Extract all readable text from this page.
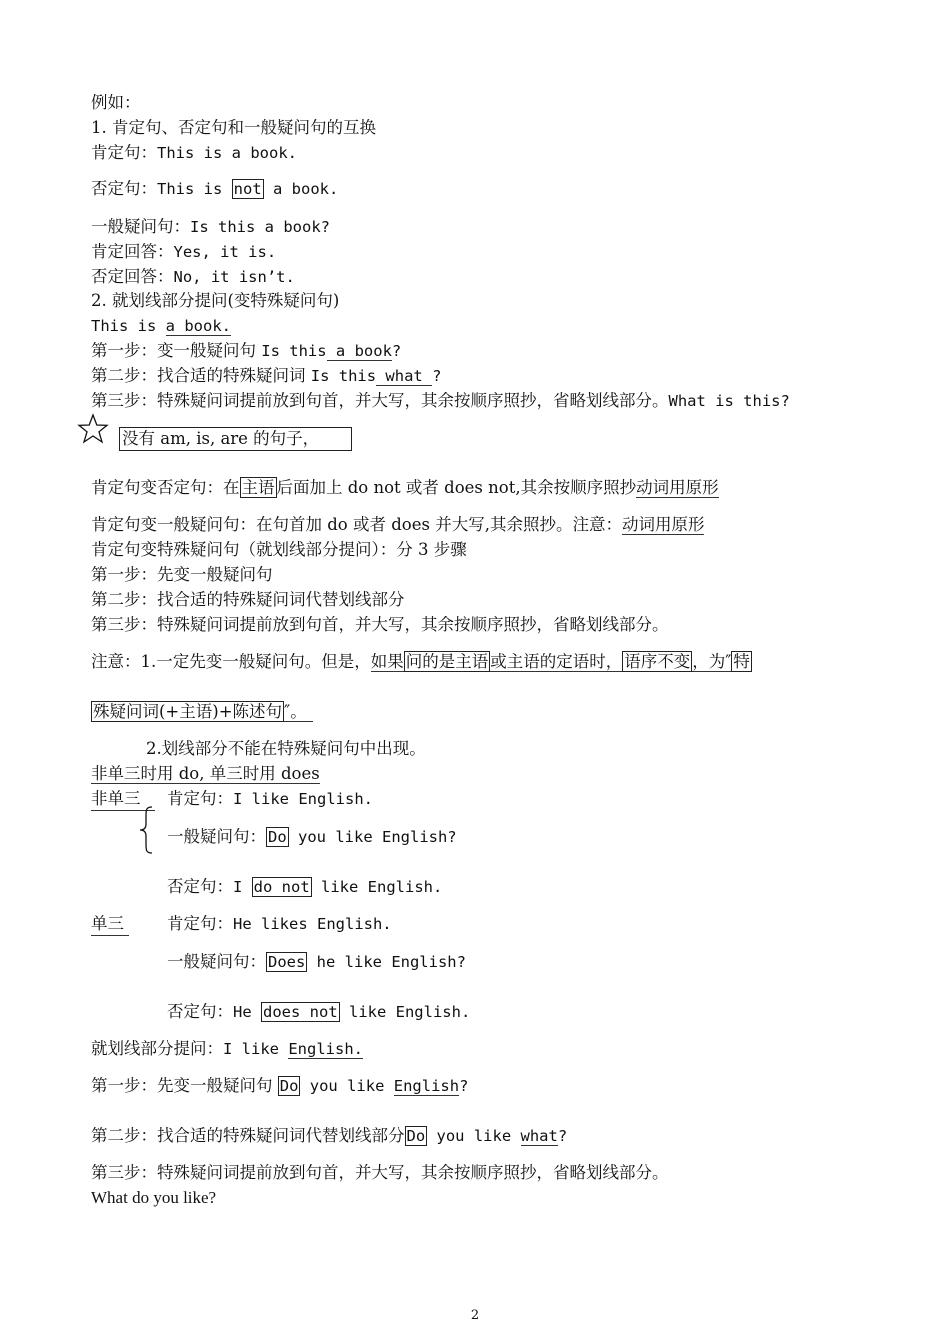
例如：
1. 肯定句、否定句和一般疑问句的互换
肯定句：This is a book.
否定句：This is not a book.
一般疑问句：Is this a book?
肯定回答：Yes, it is.
否定回答：No, it isn’t.
2. 就划线部分提问(变特殊疑问句)
This is a book.
第一步：变一般疑问句 Is this a book?
第二步：找合适的特殊疑问词 Is this what ?
第三步：特殊疑问词提前放到句首，并大写，其余按顺序照抄，省略划线部分。What is this?
没有 am, is, are 的句子，
肯定句变否定句：在 主语 后面加上 do not 或者 does not,其余按顺序照抄动词用原形
肯定句变一般疑问句：在句首加 do 或者 does 并大写,其余照抄。注意：动词用原形
肯定句变特殊疑问句（就划线部分提问）：分 3 步骤
第一步：先变一般疑问句
第二步：找合适的特殊疑问词代替划线部分
第三步：特殊疑问词提前放到句首，并大写，其余按顺序照抄，省略划线部分。
注意：1.一定先变一般疑问句。但是，如果 问的是主语 或主语的定语时， 语序不变 ，为″ 特
殊疑问词(+主语)+陈述句 ″。
2.划线部分不能在特殊疑问句中出现。
非单三时用 do, 单三时用 does
非单三 肯定句：I like English.
一般疑问句： Do you like English?
否定句：I do not like English.
单三	肯定句：He likes English.
一般疑问句： Does he like English?
否定句：He does not like English.
就划线部分提问：I like English.
第一步：先变一般疑问句 Do you like English?
第二步：找合适的特殊疑问词代替划线部分 Do you like what?
第三步：特殊疑问词提前放到句首，并大写，其余按顺序照抄，省略划线部分。
What do you like?
2
